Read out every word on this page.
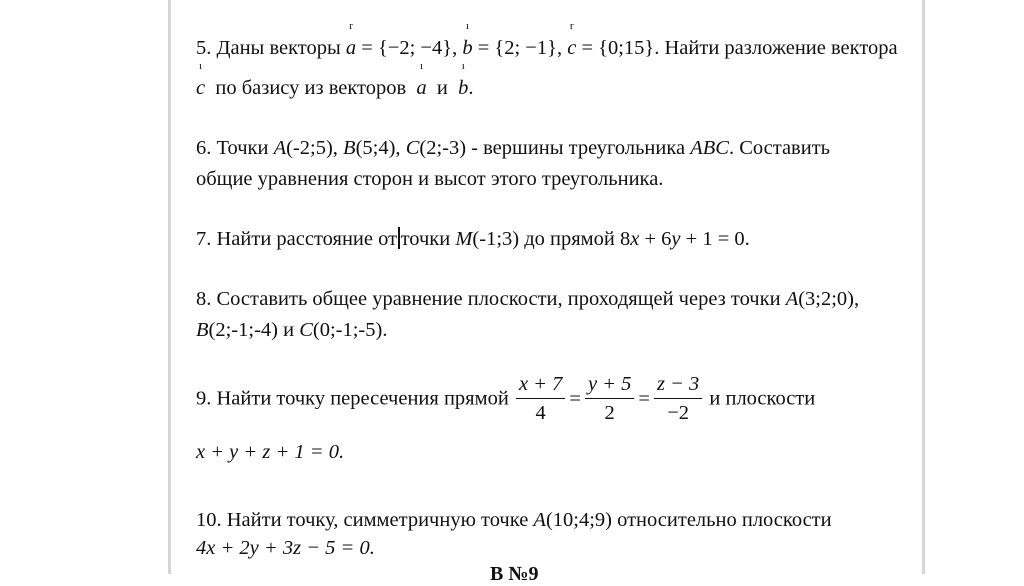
5. Даны векторы
r
a = {−2; −4},
ı
b = {2; −1},
r
c = {0;15}. Найти разложение вектора
ı
c по базису из векторов
ı
a и
ı
b.
6. Точки A(-2;5), B(5;4), C(2;-3) - вершины треугольника ABC. Составить
общие уравнения сторон и высот этого треугольника.
7. Найти расстояние от точки M(-1;3) до прямой 8x + 6y + 1 = 0.
8. Составить общее уравнение плоскости, проходящей через точки A(3;2;0),
B(2;-1;-4) и C(0;-1;-5).
9. Найти точку пересечения прямой $\frac{x + 7}{4} = \frac{y + 5}{2} = \frac{z - 3}{-2}$ и плоскости
x + y + z + 1 = 0.
10. Найти точку, симметричную точке A(10;4;9) относительно плоскости
4x + 2y + 3z − 5 = 0.
В №9
